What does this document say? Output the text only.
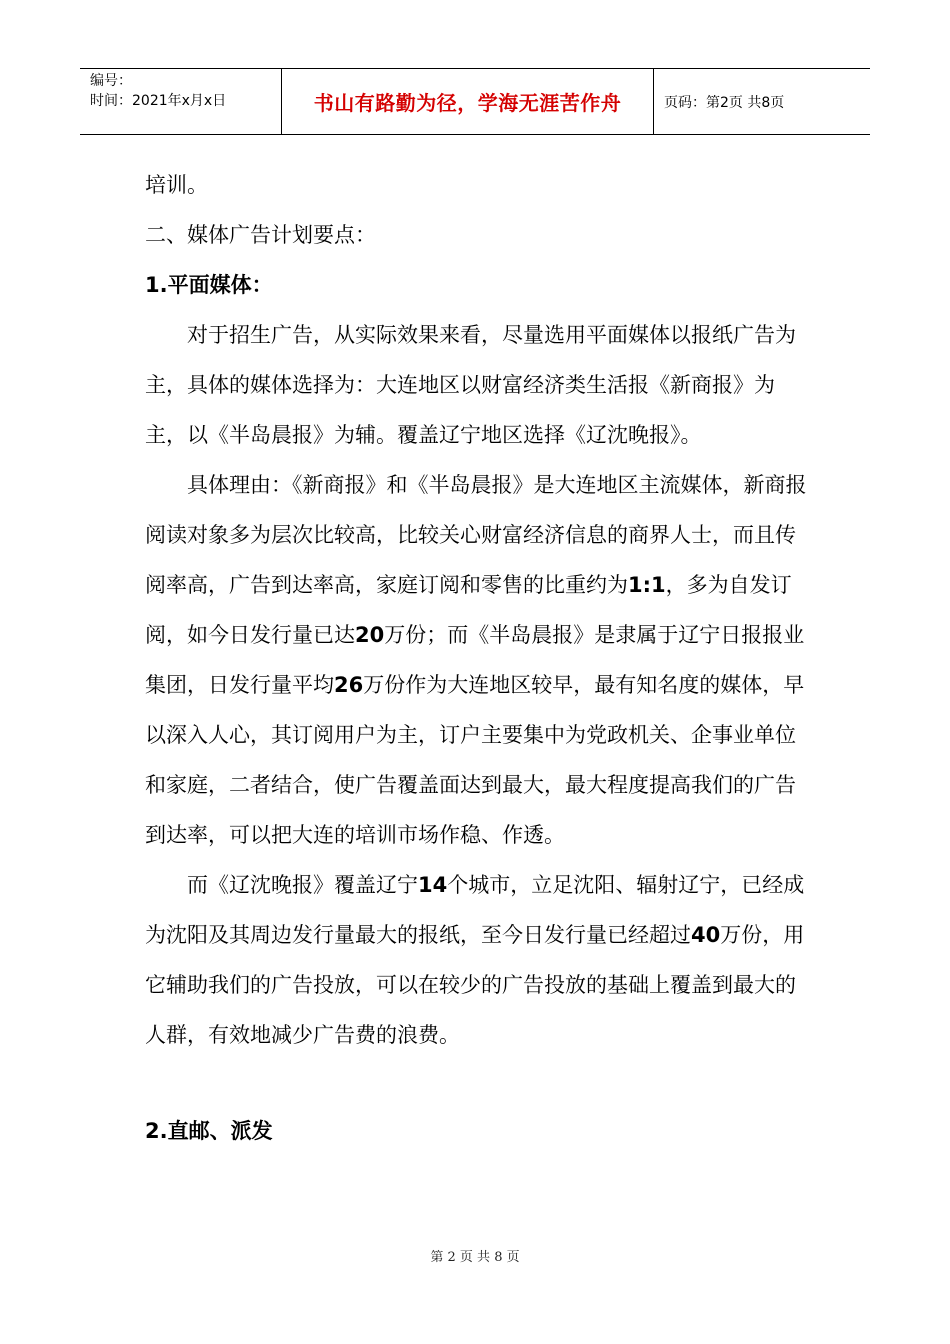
编号：
时间：2021年x月x日	书山有路勤为径，学海无涯苦作舟	页码：第2页 共8页

培训。

二、媒体广告计划要点：

1.平面媒体：

对于招生广告，从实际效果来看，尽量选用平面媒体以报纸广告为主，具体的媒体选择为：大连地区以财富经济类生活报《新商报》为主，以《半岛晨报》为辅。覆盖辽宁地区选择《辽沈晚报》。

具体理由：《新商报》和《半岛晨报》是大连地区主流媒体，新商报阅读对象多为层次比较高，比较关心财富经济信息的商界人士，而且传阅率高，广告到达率高，家庭订阅和零售的比重约为1:1，多为自发订阅，如今日发行量已达20万份；而《半岛晨报》是隶属于辽宁日报报业集团，日发行量平均26万份作为大连地区较早，最有知名度的媒体，早以深入人心，其订阅用户为主，订户主要集中为党政机关、企事业单位和家庭，二者结合，使广告覆盖面达到最大，最大程度提高我们的广告到达率，可以把大连的培训市场作稳、作透。

而《辽沈晚报》覆盖辽宁14个城市，立足沈阳、辐射辽宁，已经成为沈阳及其周边发行量最大的报纸，至今日发行量已经超过40万份，用它辅助我们的广告投放，可以在较少的广告投放的基础上覆盖到最大的人群，有效地减少广告费的浪费。

2.直邮、派发

第 2 页 共 8 页
